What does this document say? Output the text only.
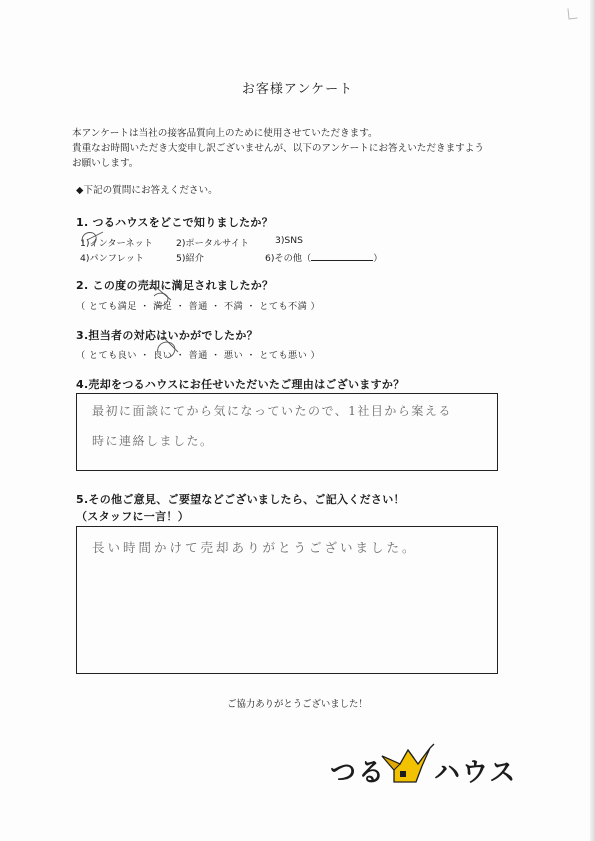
お客様アンケート
本アンケートは当社の接客品質向上のために使用させていただきます。
貴重なお時間いただき大変申し訳ございませんが、以下のアンケートにお答えいただきますよう
お願いします。
◆下記の質問にお答えください。
1. つるハウスをどこで知りましたか？
1)インターネット	2)ポータルサイト	3)SNS
4)パンフレット	5)紹介	6)その他（	）
2. この度の売却に満足されましたか？
（ とても満足 ・ 満足 ・ 普通 ・ 不満 ・ とても不満 ）
3.担当者の対応はいかがでしたか？
（ とても良い ・ 良い ・ 普通 ・ 悪い ・ とても悪い ）
4.売却をつるハウスにお任せいただいたご理由はございますか？
最初に面談にてから気になっていたので、1社目から案える
時に連絡しました。
5.その他ご意見、ご要望などございましたら、ご記入ください！
（スタッフに一言！）
長い時間かけて売却ありがとうございました。
ご協力ありがとうございました！
つる ハウス
